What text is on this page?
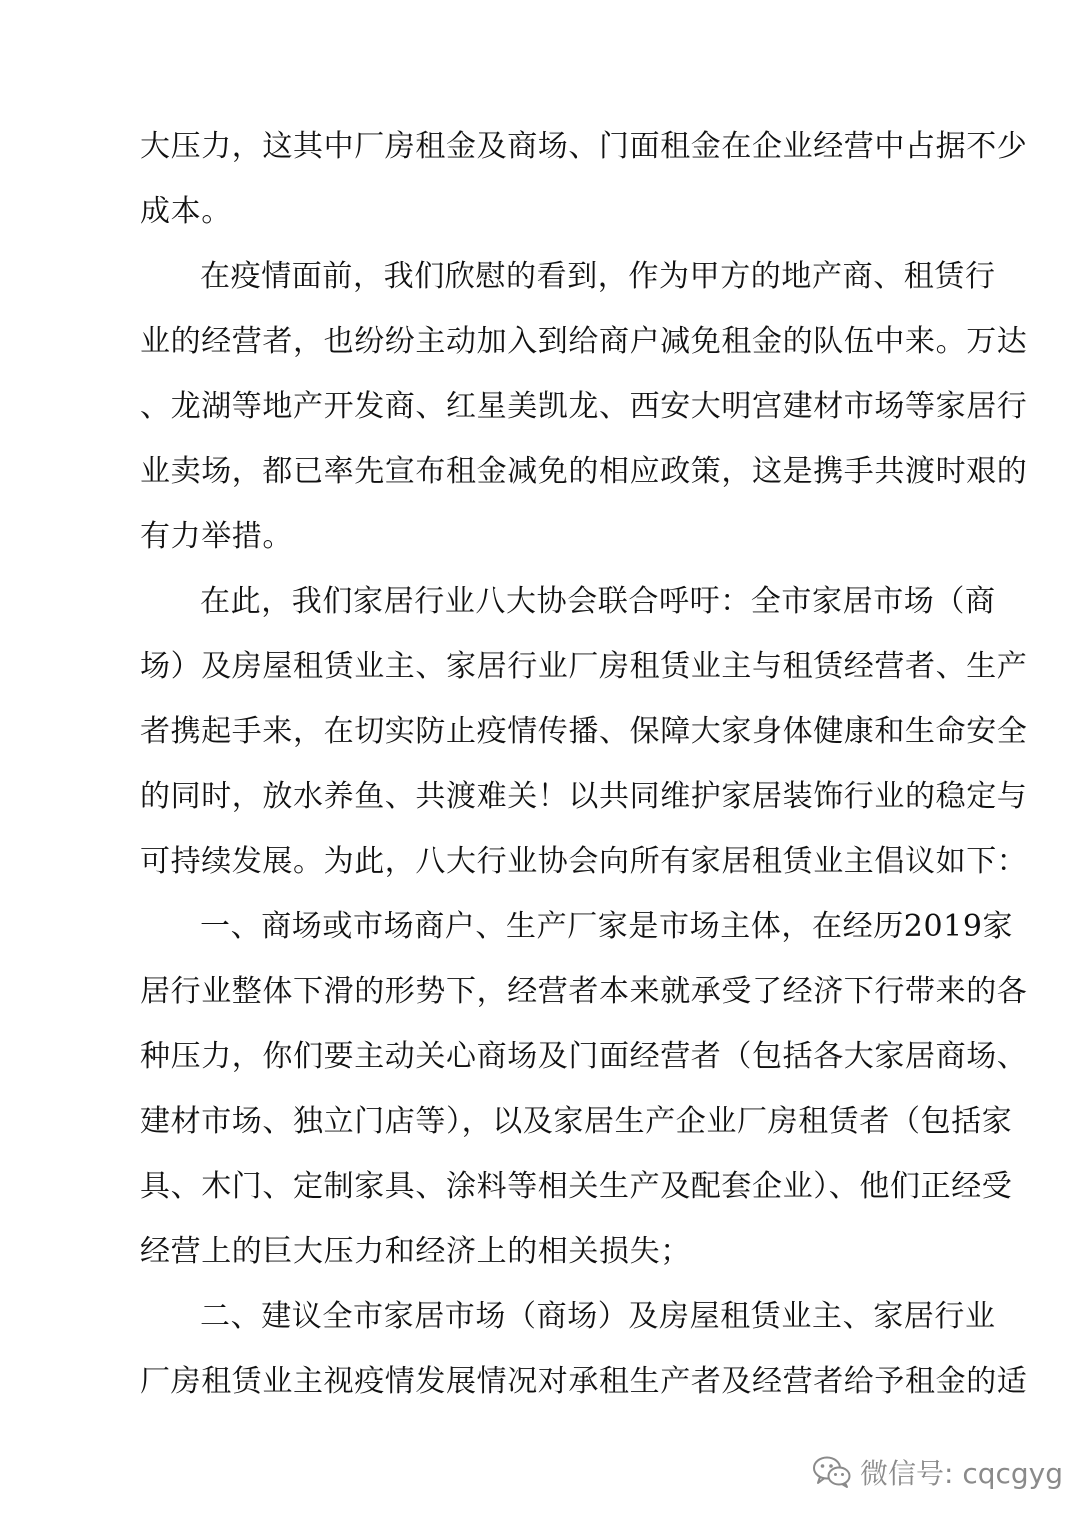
大压力，这其中厂房租金及商场、门面租金在企业经营中占据不少
成本。
在疫情面前，我们欣慰的看到，作为甲方的地产商、租赁行
业的经营者，也纷纷主动加入到给商户减免租金的队伍中来。万达
、龙湖等地产开发商、红星美凯龙、西安大明宫建材市场等家居行
业卖场，都已率先宣布租金减免的相应政策，这是携手共渡时艰的
有力举措。
在此，我们家居行业八大协会联合呼吁：全市家居市场（商
场）及房屋租赁业主、家居行业厂房租赁业主与租赁经营者、生产
者携起手来，在切实防止疫情传播、保障大家身体健康和生命安全
的同时，放水养鱼、共渡难关！以共同维护家居装饰行业的稳定与
可持续发展。为此，八大行业协会向所有家居租赁业主倡议如下：
一、商场或市场商户、生产厂家是市场主体，在经历2019家
居行业整体下滑的形势下，经营者本来就承受了经济下行带来的各
种压力，你们要主动关心商场及门面经营者（包括各大家居商场、
建材市场、独立门店等），以及家居生产企业厂房租赁者（包括家
具、木门、定制家具、涂料等相关生产及配套企业）、他们正经受
经营上的巨大压力和经济上的相关损失；
二、建议全市家居市场（商场）及房屋租赁业主、家居行业
厂房租赁业主视疫情发展情况对承租生产者及经营者给予租金的适
微信号: cqcgyg
